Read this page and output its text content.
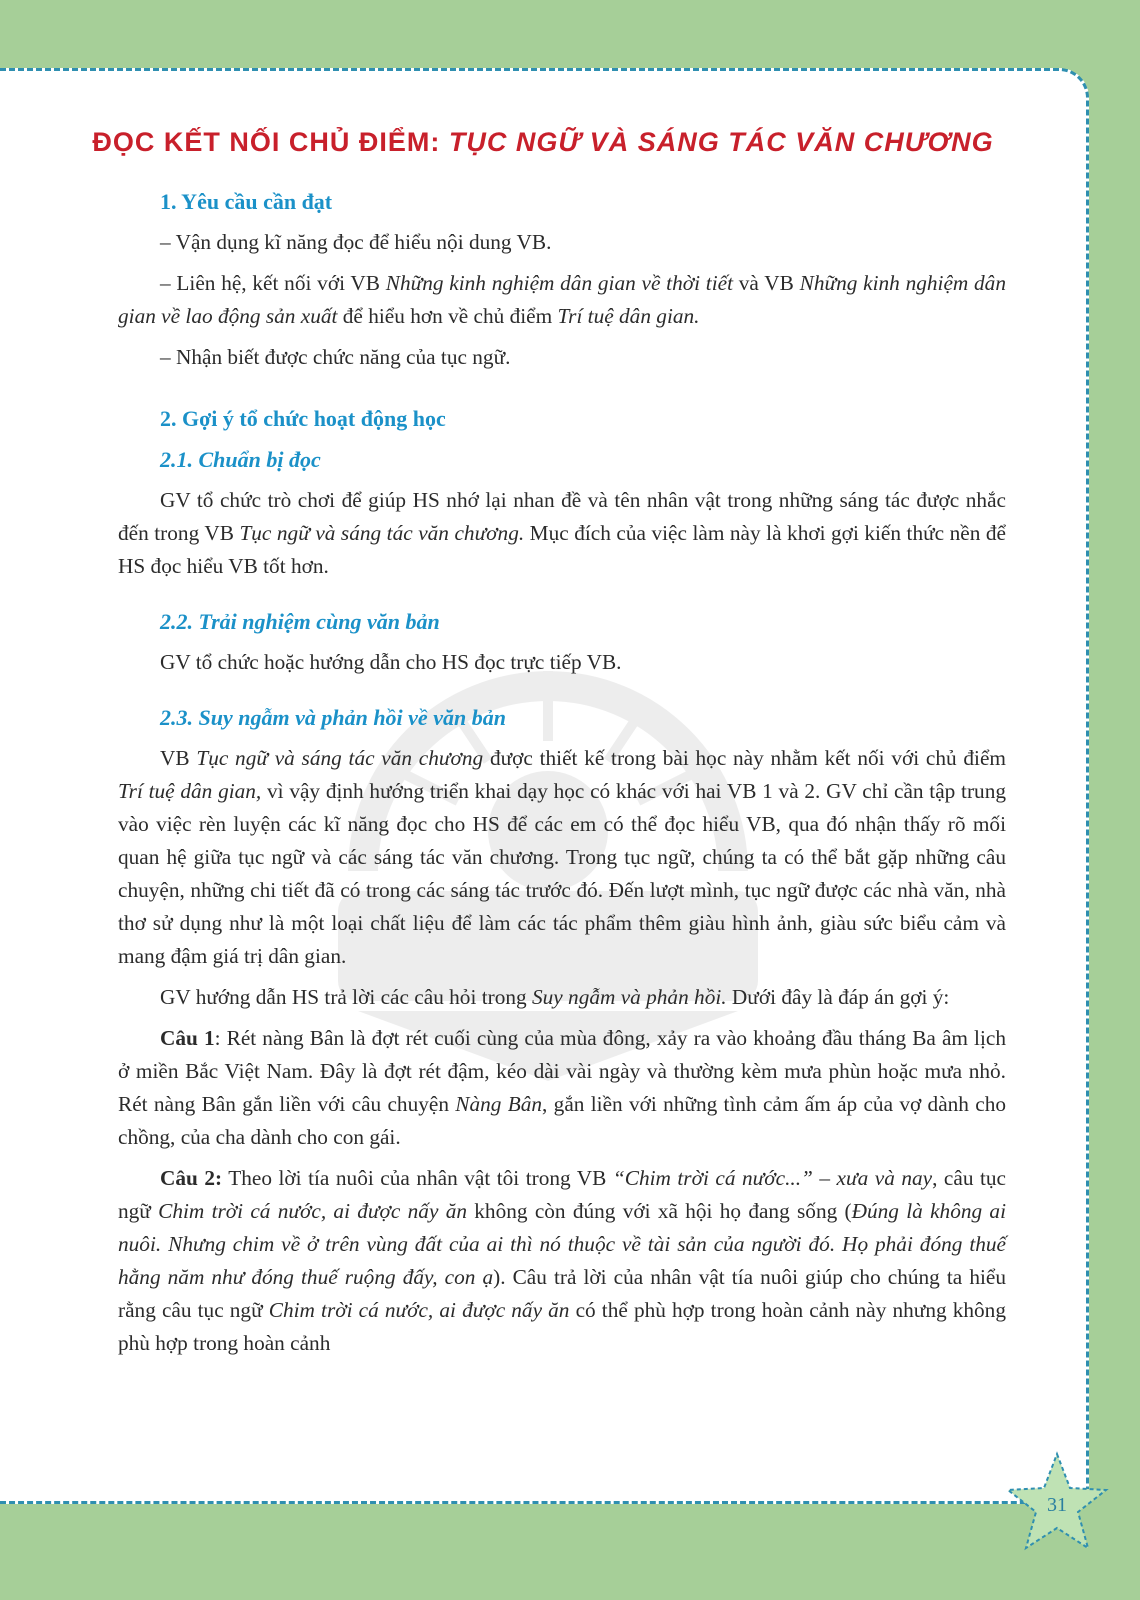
ĐỌC KẾT NỐI CHỦ ĐIỂM: TỤC NGỮ VÀ SÁNG TÁC VĂN CHƯƠNG
1. Yêu cầu cần đạt
– Vận dụng kĩ năng đọc để hiểu nội dung VB.
– Liên hệ, kết nối với VB Những kinh nghiệm dân gian về thời tiết và VB Những kinh nghiệm dân gian về lao động sản xuất để hiểu hơn về chủ điểm Trí tuệ dân gian.
– Nhận biết được chức năng của tục ngữ.
2. Gợi ý tổ chức hoạt động học
2.1. Chuẩn bị đọc
GV tổ chức trò chơi để giúp HS nhớ lại nhan đề và tên nhân vật trong những sáng tác được nhắc đến trong VB Tục ngữ và sáng tác văn chương. Mục đích của việc làm này là khơi gợi kiến thức nền để HS đọc hiểu VB tốt hơn.
2.2. Trải nghiệm cùng văn bản
GV tổ chức hoặc hướng dẫn cho HS đọc trực tiếp VB.
2.3. Suy ngẫm và phản hồi về văn bản
VB Tục ngữ và sáng tác văn chương được thiết kế trong bài học này nhằm kết nối với chủ điểm Trí tuệ dân gian, vì vậy định hướng triển khai dạy học có khác với hai VB 1 và 2. GV chỉ cần tập trung vào việc rèn luyện các kĩ năng đọc cho HS để các em có thể đọc hiểu VB, qua đó nhận thấy rõ mối quan hệ giữa tục ngữ và các sáng tác văn chương. Trong tục ngữ, chúng ta có thể bắt gặp những câu chuyện, những chi tiết đã có trong các sáng tác trước đó. Đến lượt mình, tục ngữ được các nhà văn, nhà thơ sử dụng như là một loại chất liệu để làm các tác phẩm thêm giàu hình ảnh, giàu sức biểu cảm và mang đậm giá trị dân gian.
GV hướng dẫn HS trả lời các câu hỏi trong Suy ngẫm và phản hồi. Dưới đây là đáp án gợi ý:
Câu 1: Rét nàng Bân là đợt rét cuối cùng của mùa đông, xảy ra vào khoảng đầu tháng Ba âm lịch ở miền Bắc Việt Nam. Đây là đợt rét đậm, kéo dài vài ngày và thường kèm mưa phùn hoặc mưa nhỏ. Rét nàng Bân gắn liền với câu chuyện Nàng Bân, gắn liền với những tình cảm ấm áp của vợ dành cho chồng, của cha dành cho con gái.
Câu 2: Theo lời tía nuôi của nhân vật tôi trong VB “Chim trời cá nước...” – xưa và nay, câu tục ngữ Chim trời cá nước, ai được nấy ăn không còn đúng với xã hội họ đang sống (Đúng là không ai nuôi. Nhưng chim về ở trên vùng đất của ai thì nó thuộc về tài sản của người đó. Họ phải đóng thuế hằng năm như đóng thuế ruộng đấy, con ạ). Câu trả lời của nhân vật tía nuôi giúp cho chúng ta hiểu rằng câu tục ngữ Chim trời cá nước, ai được nấy ăn có thể phù hợp trong hoàn cảnh này nhưng không phù hợp trong hoàn cảnh
31
